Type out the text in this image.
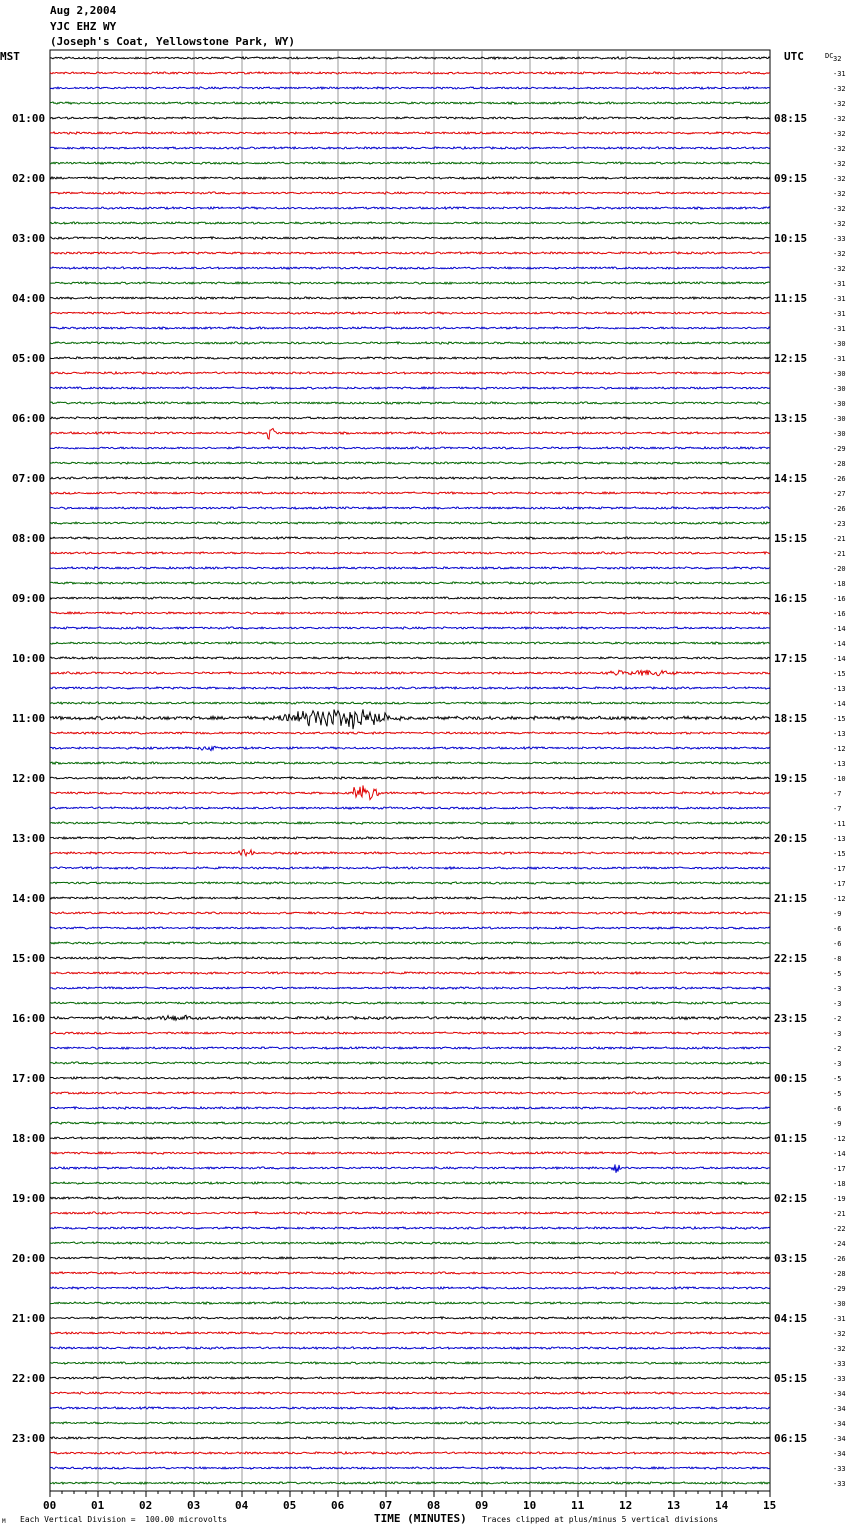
Aug 2,2004
YJC EHZ WY
(Joseph's Coat, Yellowstone Park, WY)
MST	UTC	32
-31
-32
-32
-32
-32
-32
-32
-32
-32
-32
-32
-33
-32
-32
-31
-31
-31
-31
-30
-31
-30
-30
-30
-30
-30
-29
-28
-26
-27
-26
-23
-21
-21
-20
-18
-16
-16
-14
-14
-14
-15
-13
-14
-15
-13
-12
-13
-10
-7
-7
-11
-13
-15
-17
-17
-12
-9
-6
-6
-8
-5
-3
-3
-2
-3
-2
-3
-5
-5
-6
-9
-12
-14
-17
-18
-19
-21
-22
-24
-26
-28
-29
-30
-31
-32
-32
-33
-33
-34
-34
-34
-34
-34
-33
-33
DC
01:00
02:00
03:00
04:00
05:00
06:00
07:00
08:00
09:00
10:00
11:00
12:00
13:00
14:00
15:00
16:00
17:00
18:00
19:00
20:00
21:00
22:00
23:00
08:15
09:15
10:15
11:15
12:15
13:15
14:15
15:15
16:15
17:15
18:15
19:15
20:15
21:15
22:15
23:15
00:15
01:15
02:15
03:15
04:15
05:15
06:15
00	01	02	03	04	05	06	07	08	09	10	11	12	13	14	15
M Each Vertical Division =  100.00 microvolts	TIME (MINUTES) Traces clipped at plus/minus 5 vertical divisions
